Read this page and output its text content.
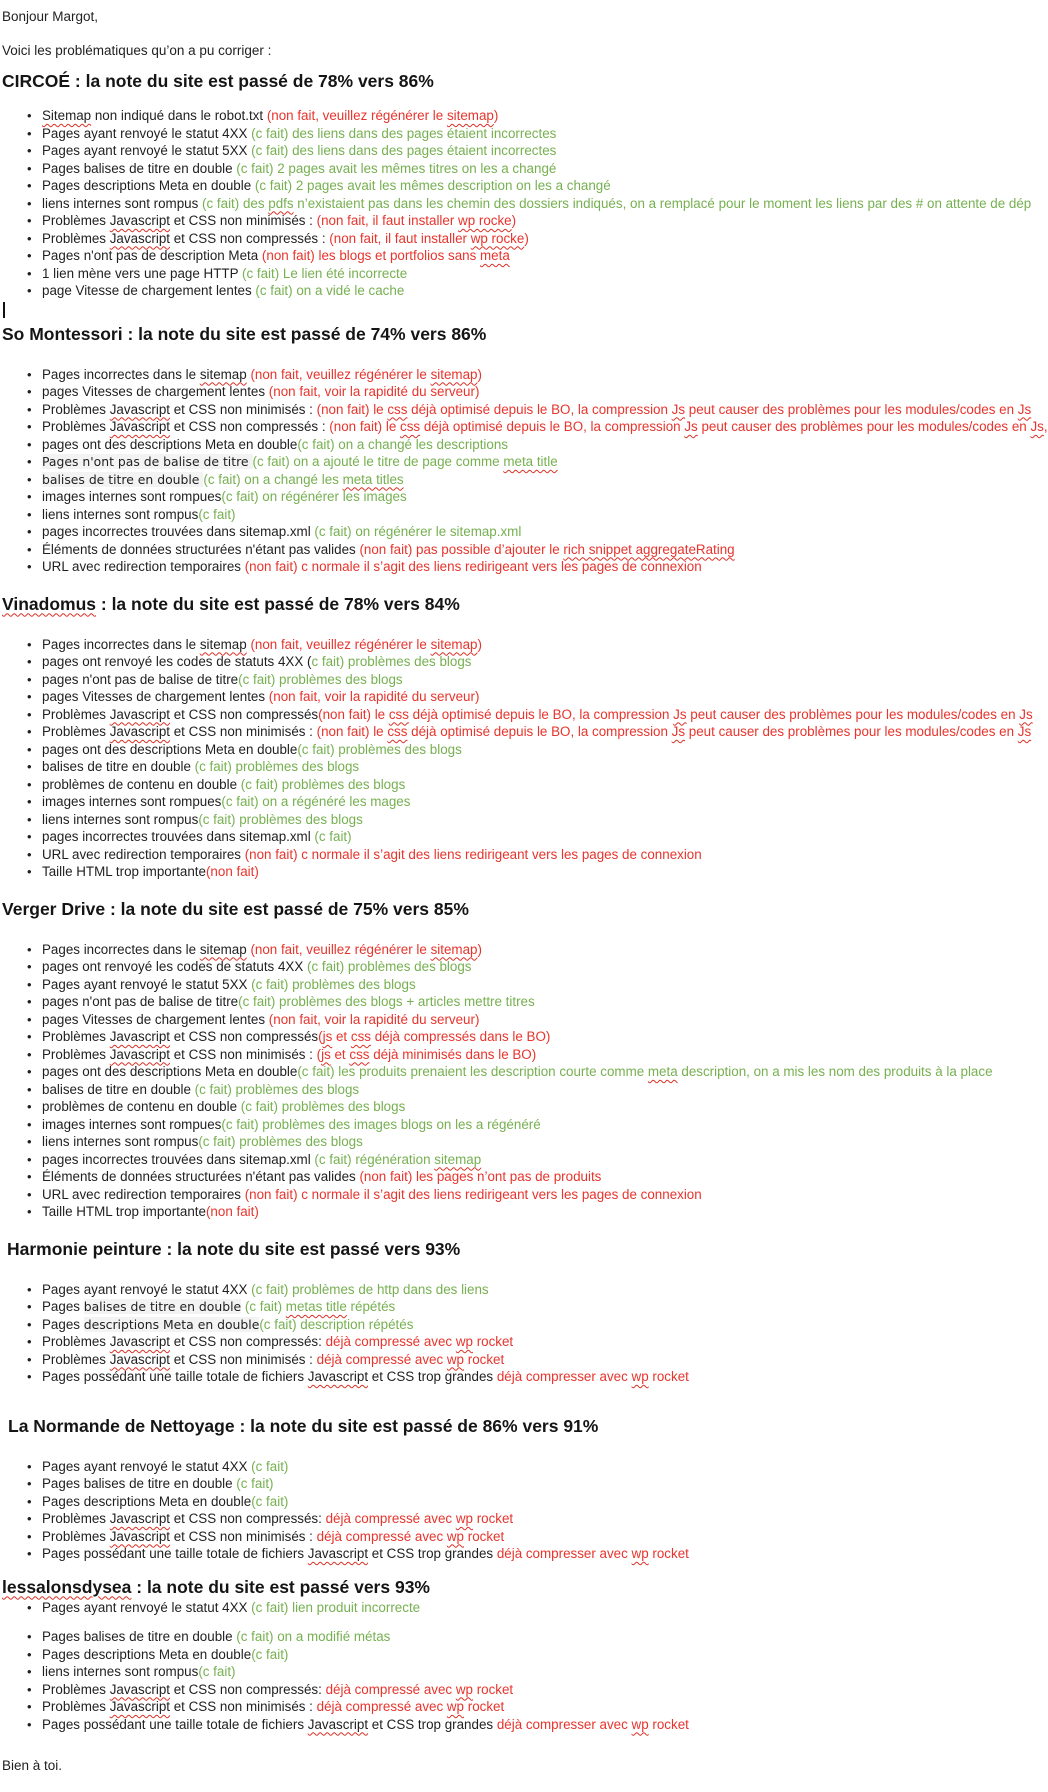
Bonjour Margot,

Voici les problématiques qu’on a pu corriger :

CIRCOÉ : la note du site est passé de 78% vers 86%
• Sitemap non indiqué dans le robot.txt (non fait, veuillez régénérer le sitemap)
• Pages ayant renvoyé le statut 4XX (c fait) des liens dans des pages étaient incorrectes
• Pages ayant renvoyé le statut 5XX (c fait) des liens dans des pages étaient incorrectes
• Pages balises de titre en double (c fait) 2 pages avait les mêmes titres on les a changé
• Pages descriptions Meta en double (c fait) 2 pages avait les mêmes description on les a changé
• liens internes sont rompus (c fait) des pdfs n’existaient pas dans les chemin des dossiers indiqués, on a remplacé pour le moment les liens par des # on attente de dép
• Problèmes Javascript et CSS non minimisés : (non fait, il faut installer wp rocke)
• Problèmes Javascript et CSS non compressés : (non fait, il faut installer wp rocke)
• Pages n'ont pas de description Meta (non fait) les blogs et portfolios sans meta
• 1 lien mène vers une page HTTP (c fait) Le lien été incorrecte
• page Vitesse de chargement lentes (c fait) on a vidé le cache
So Montessori : la note du site est passé de 74% vers 86%
• Pages incorrectes dans le sitemap (non fait, veuillez régénérer le sitemap)
• pages Vitesses de chargement lentes (non fait, voir la rapidité du serveur)
• Problèmes Javascript et CSS non minimisés : (non fait) le css déjà optimisé depuis le BO, la compression Js peut causer des problèmes pour les modules/codes en Js
• Problèmes Javascript et CSS non compressés : (non fait) le css déjà optimisé depuis le BO, la compression Js peut causer des problèmes pour les modules/codes en Js,
• pages ont des descriptions Meta en double(c fait) on a changé les descriptions
• Pages n'ont pas de balise de titre (c fait) on a ajouté le titre de page comme meta title
• balises de titre en double (c fait) on a changé les meta titles
• images internes sont rompues(c fait) on régénérer les images
• liens internes sont rompus(c fait)
• pages incorrectes trouvées dans sitemap.xml (c fait) on régénérer le sitemap.xml
• Éléments de données structurées n'étant pas valides (non fait) pas possible d’ajouter le rich snippet aggregateRating
• URL avec redirection temporaires (non fait) c normale il s’agit des liens redirigeant vers les pages de connexion
Vinadomus : la note du site est passé de 78% vers 84%
• Pages incorrectes dans le sitemap (non fait, veuillez régénérer le sitemap)
• pages ont renvoyé les codes de statuts 4XX (c fait) problèmes des blogs
• pages n'ont pas de balise de titre(c fait) problèmes des blogs
• pages Vitesses de chargement lentes (non fait, voir la rapidité du serveur)
• Problèmes Javascript et CSS non compressés(non fait) le css déjà optimisé depuis le BO, la compression Js peut causer des problèmes pour les modules/codes en Js
• Problèmes Javascript et CSS non minimisés : (non fait) le css déjà optimisé depuis le BO, la compression Js peut causer des problèmes pour les modules/codes en Js
• pages ont des descriptions Meta en double(c fait) problèmes des blogs
• balises de titre en double (c fait) problèmes des blogs
• problèmes de contenu en double (c fait) problèmes des blogs
• images internes sont rompues(c fait) on a régénéré les mages
• liens internes sont rompus(c fait) problèmes des blogs
• pages incorrectes trouvées dans sitemap.xml (c fait)
• URL avec redirection temporaires (non fait) c normale il s’agit des liens redirigeant vers les pages de connexion
• Taille HTML trop importante(non fait)
Verger Drive : la note du site est passé de 75% vers 85%
• Pages incorrectes dans le sitemap (non fait, veuillez régénérer le sitemap)
• pages ont renvoyé les codes de statuts 4XX (c fait) problèmes des blogs
• Pages ayant renvoyé le statut 5XX (c fait) problèmes des blogs
• pages n'ont pas de balise de titre(c fait) problèmes des blogs + articles mettre titres
• pages Vitesses de chargement lentes (non fait, voir la rapidité du serveur)
• Problèmes Javascript et CSS non compressés(js et css déjà compressés dans le BO)
• Problèmes Javascript et CSS non minimisés : (js et css déjà minimisés dans le BO)
• pages ont des descriptions Meta en double(c fait) les produits prenaient les description courte comme meta description, on a mis les nom des produits à la place
• balises de titre en double (c fait) problèmes des blogs
• problèmes de contenu en double (c fait) problèmes des blogs
• images internes sont rompues(c fait) problèmes des images blogs on les a régénéré
• liens internes sont rompus(c fait) problèmes des blogs
• pages incorrectes trouvées dans sitemap.xml (c fait) régénération sitemap
• Éléments de données structurées n'étant pas valides (non fait) les pages n’ont pas de produits
• URL avec redirection temporaires (non fait) c normale il s’agit des liens redirigeant vers les pages de connexion
• Taille HTML trop importante(non fait)
Harmonie peinture : la note du site est passé vers 93%
• Pages ayant renvoyé le statut 4XX (c fait) problèmes de http dans des liens
• Pages balises de titre en double (c fait) metas title répétés
• Pages descriptions Meta en double(c fait) description répétés
• Problèmes Javascript et CSS non compressés: déjà compressé avec wp rocket
• Problèmes Javascript et CSS non minimisés : déjà compressé avec wp rocket
• Pages possédant une taille totale de fichiers Javascript et CSS trop grandes déjà compresser avec wp rocket
La Normande de Nettoyage : la note du site est passé de 86% vers 91%
• Pages ayant renvoyé le statut 4XX (c fait)
• Pages balises de titre en double (c fait)
• Pages descriptions Meta en double(c fait)
• Problèmes Javascript et CSS non compressés: déjà compressé avec wp rocket
• Problèmes Javascript et CSS non minimisés : déjà compressé avec wp rocket
• Pages possédant une taille totale de fichiers Javascript et CSS trop grandes déjà compresser avec wp rocket
lessalonsdysea : la note du site est passé vers 93%
• Pages ayant renvoyé le statut 4XX (c fait) lien produit incorrecte
• Pages balises de titre en double (c fait) on a modifié métas
• Pages descriptions Meta en double(c fait)
• liens internes sont rompus(c fait)
• Problèmes Javascript et CSS non compressés: déjà compressé avec wp rocket
• Problèmes Javascript et CSS non minimisés : déjà compressé avec wp rocket
• Pages possédant une taille totale de fichiers Javascript et CSS trop grandes déjà compresser avec wp rocket

Bien à toi.
